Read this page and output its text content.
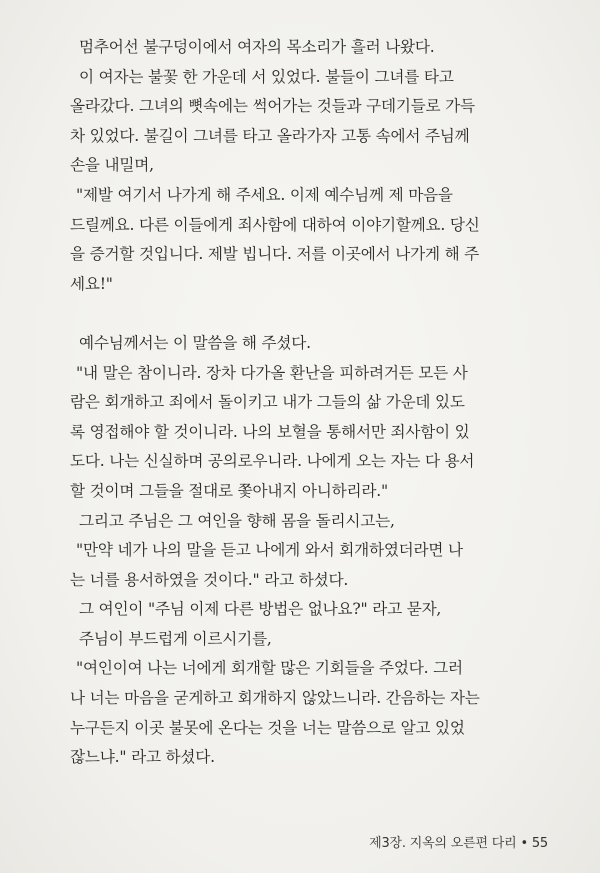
멈추어선 불구덩이에서 여자의 목소리가 흘러 나왔다.
이 여자는 불꽃 한 가운데 서 있었다. 불들이 그녀를 타고
올라갔다. 그녀의 뼛속에는 썩어가는 것들과 구데기들로 가득
차 있었다. 불길이 그녀를 타고 올라가자 고통 속에서 주님께
손을 내밀며,
"제발 여기서 나가게 해 주세요. 이제 예수님께 제 마음을
드릴께요. 다른 이들에게 죄사함에 대하여 이야기할께요. 당신
을 증거할 것입니다. 제발 빕니다. 저를 이곳에서 나가게 해 주
세요!"
예수님께서는 이 말씀을 해 주셨다.
"내 말은 참이니라. 장차 다가올 환난을 피하려거든 모든 사
람은 회개하고 죄에서 돌이키고 내가 그들의 삶 가운데 있도
록 영접해야 할 것이니라. 나의 보혈을 통해서만 죄사함이 있
도다. 나는 신실하며 공의로우니라. 나에게 오는 자는 다 용서
할 것이며 그들을 절대로 쫓아내지 아니하리라."
그리고 주님은 그 여인을 향해 몸을 돌리시고는,
"만약 네가 나의 말을 듣고 나에게 와서 회개하였더라면 나
는 너를 용서하였을 것이다." 라고 하셨다.
그 여인이 "주님 이제 다른 방법은 없나요?" 라고 묻자,
주님이 부드럽게 이르시기를,
"여인이여 나는 너에게 회개할 많은 기회들을 주었다. 그러
나 너는 마음을 굳게하고 회개하지 않았느니라. 간음하는 자는
누구든지 이곳 불못에 온다는 것을 너는 말씀으로 알고 있었
잖느냐." 라고 하셨다.
제3장. 지옥의 오른편 다리 • 55
